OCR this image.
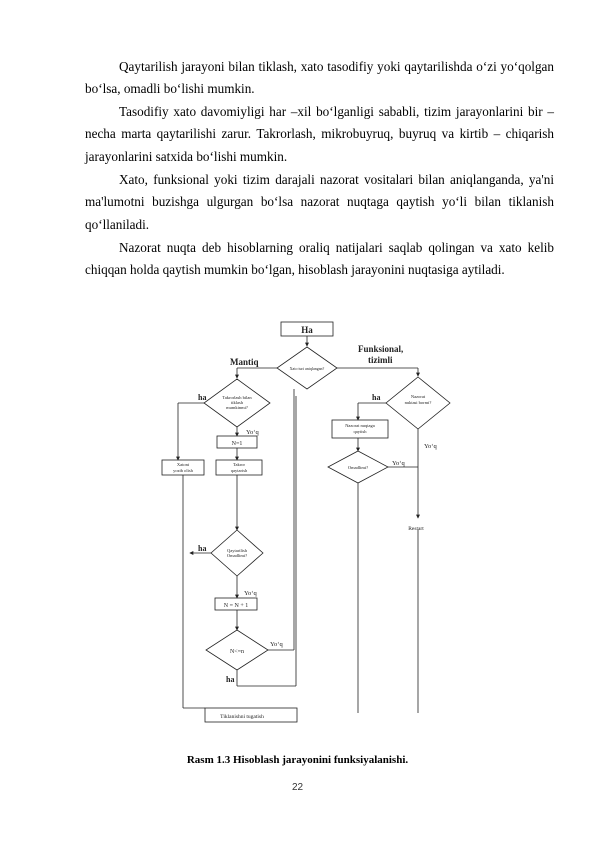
Qaytarilish jarayoni bilan tiklash, xato tasodifiy yoki qaytarilishda o‘zi yo‘qolgan bo‘lsa, omadli bo‘lishi mumkin.

Tasodifiy xato davomiyligi har –xil bo‘lganligi sababli, tizim jarayonlarini bir – necha marta qaytarilishi zarur. Takrorlash, mikrobuyruq, buyruq va kirtib – chiqarish jarayonlarini satxida bo‘lishi mumkin.

Xato, funksional yoki tizim darajali nazorat vositalari bilan aniqlanganda, ya'ni ma'lumotni buzishga ulgurgan bo‘lsa nazorat nuqtaga qaytish yo‘li bilan tiklanish qo‘llaniladi.

Nazorat nuqta deb hisoblarning oraliq natijalari saqlab qolingan va xato kelib chiqqan holda qaytish mumkin bo‘lgan, hisoblash jarayonini nuqtasiga aytiladi.

Ha
Mantiq
Funksional,
tizimli
Xato turi aniqlangan?
Takrorlash bilan
tiklash
mumkinmi?
ha
Yo‘q
N=1
Xatoni
yozib olish
Takror
qaytarish
Qaytarilish
Omadlimi?
ha
Yo‘q
N = N + 1
N<=n
Yo‘q
ha
Tiklanishni tugatish
Nazorat
nuktasi bormi?
ha
Yo‘q
Nazorat nuqtaga
qaytish
Omadlimi?
Yo‘q
Restart
Rasm 1.3 Hisoblash jarayonini funksiyalanishi.
22
